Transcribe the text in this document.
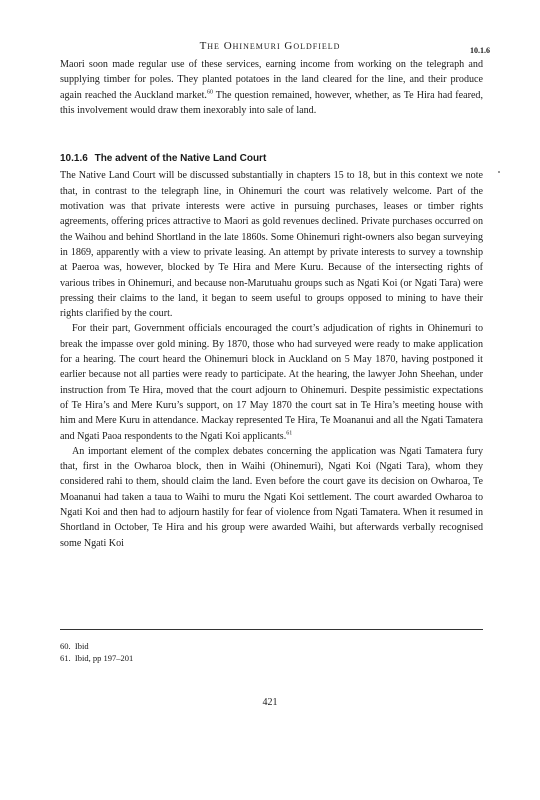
The Ohinemuri Goldfield	10.1.6

Maori soon made regular use of these services, earning income from working on the telegraph and supplying timber for poles. They planted potatoes in the land cleared for the line, and their produce again reached the Auckland market.$^{60}$ The question remained, however, whether, as Te Hira had feared, this involvement would draw them inexorably into sale of land.

10.1.6 The advent of the Native Land Court

The Native Land Court will be discussed substantially in chapters 15 to 18, but in this context we note that, in contrast to the telegraph line, in Ohinemuri the court was relatively welcome. Part of the motivation was that private interests were active in pursuing purchases, leases or timber rights agreements, offering prices attractive to Maori as gold revenues declined. Private purchases occurred on the Waihou and behind Shortland in the late 1860s. Some Ohinemuri right-owners also began surveying in 1869, apparently with a view to private leasing. An attempt by private interests to survey a township at Paeroa was, however, blocked by Te Hira and Mere Kuru. Because of the intersecting rights of various tribes in Ohinemuri, and because non-Marutuahu groups such as Ngati Koi (or Ngati Tara) were pressing their claims to the land, it began to seem useful to groups opposed to mining to have their rights clarified by the court.

For their part, Government officials encouraged the court’s adjudication of rights in Ohinemuri to break the impasse over gold mining. By 1870, those who had surveyed were ready to make application for a hearing. The court heard the Ohinemuri block in Auckland on 5 May 1870, having postponed it earlier because not all parties were ready to participate. At the hearing, the lawyer John Sheehan, under instruction from Te Hira, moved that the court adjourn to Ohinemuri. Despite pessimistic expectations of Te Hira’s and Mere Kuru’s support, on 17 May 1870 the court sat in Te Hira’s meeting house with him and Mere Kuru in attendance. Mackay represented Te Hira, Te Moananui and all the Ngati Tamatera and Ngati Paoa respondents to the Ngati Koi applicants.$^{61}$

An important element of the complex debates concerning the application was Ngati Tamatera fury that, first in the Owharoa block, then in Waihi (Ohinemuri), Ngati Koi (Ngati Tara), whom they considered rahi to them, should claim the land. Even before the court gave its decision on Owharoa, Te Moananui had taken a taua to Waihi to muru the Ngati Koi settlement. The court awarded Owharoa to Ngati Koi and then had to adjourn hastily for fear of violence from Ngati Tamatera. When it resumed in Shortland in October, Te Hira and his group were awarded Waihi, but afterwards verbally recognised some Ngati Koi

60. Ibid
61. Ibid, pp 197–201
421
